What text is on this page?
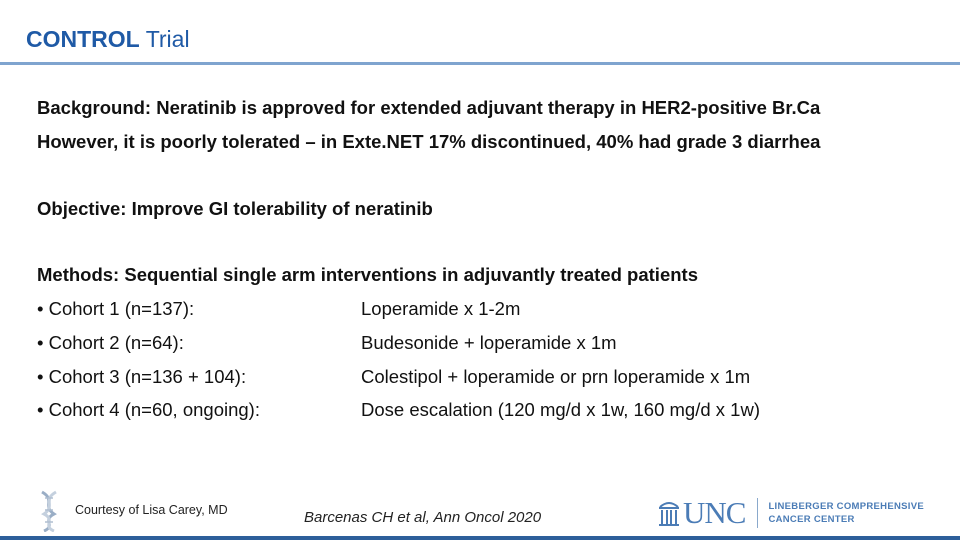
CONTROL Trial
Background: Neratinib is approved for extended adjuvant therapy in HER2-positive Br.Ca
However, it is poorly tolerated – in Exte.NET 17% discontinued, 40% had grade 3 diarrhea
Objective: Improve GI tolerability of neratinib
Methods: Sequential single arm interventions in adjuvantly treated patients
• Cohort 1 (n=137):	Loperamide x 1-2m
• Cohort 2 (n=64):	Budesonide + loperamide x 1m
• Cohort 3 (n=136 + 104):	Colestipol + loperamide or prn loperamide x 1m
• Cohort 4 (n=60, ongoing):	Dose escalation (120 mg/d x 1w, 160 mg/d x 1w)
Courtesy of Lisa Carey, MD	Barcenas CH et al, Ann Oncol 2020	UNC LINEBERGER COMPREHENSIVE
CANCER CENTER
